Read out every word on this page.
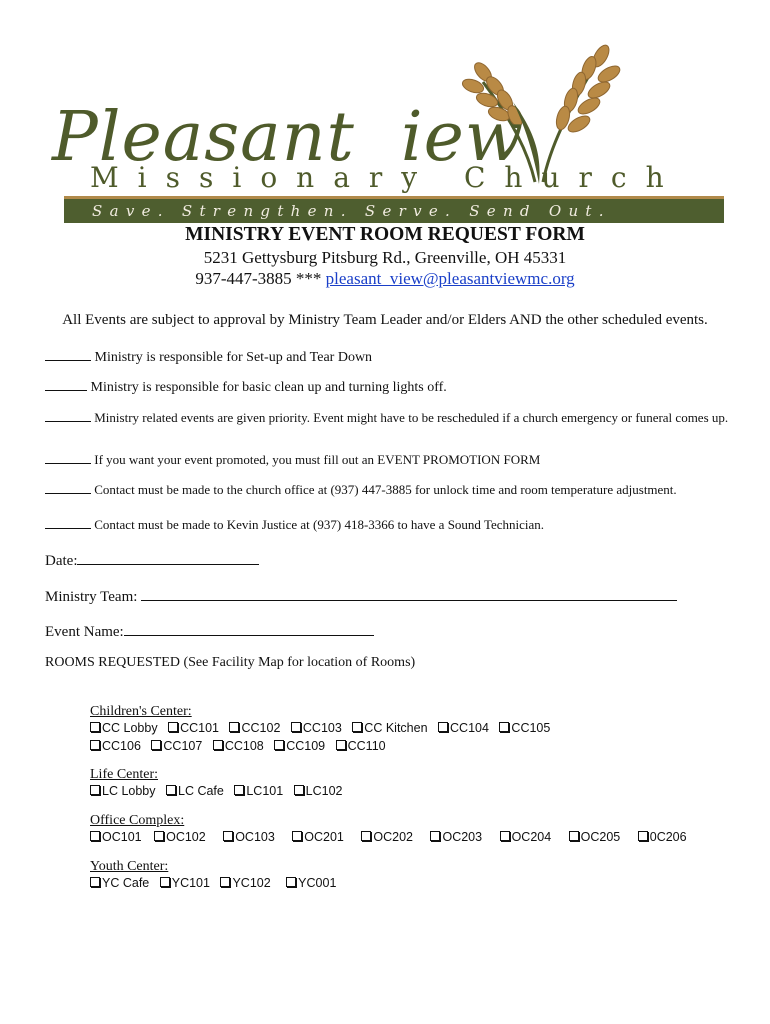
Pleasant iew
Missionary Church
Save. Strengthen. Serve. Send Out.
MINISTRY EVENT ROOM REQUEST FORM
5231 Gettysburg Pitsburg Rd., Greenville, OH 45331
937-447-3885 *** pleasant_view@pleasantviewmc.org
All Events are subject to approval by Ministry Team Leader and/or Elders AND the other scheduled events.
Ministry is responsible for Set-up and Tear Down
Ministry is responsible for basic clean up and turning lights off.
Ministry related events are given priority. Event might have to be rescheduled if a church emergency or funeral comes up.
If you want your event promoted, you must fill out an EVENT PROMOTION FORM
Contact must be made to the church office at (937) 447-3885 for unlock time and room temperature adjustment.
Contact must be made to Kevin Justice at (937) 418-3366 to have a Sound Technician.
Date:
Ministry Team:
Event Name:
ROOMS REQUESTED (See Facility Map for location of Rooms)
Children's Center:
CC Lobby CC101 CC102 CC103 CC Kitchen CC104 CC105
CC106 CC107 CC108 CC109 CC110
Life Center:
LC Lobby LC Cafe LC101 LC102
Office Complex:
OC101 OC102 OC103 OC201 OC202 OC203 OC204 OC205 0C206
Youth Center:
YC Cafe YC101 YC102 YC001
